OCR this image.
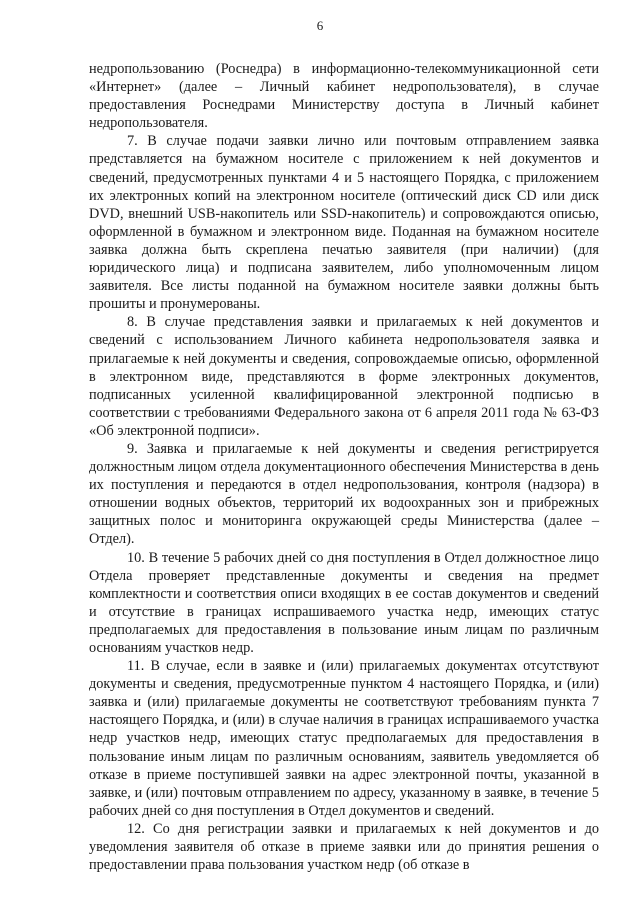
6

недропользованию (Роснедра) в информационно-телекоммуникационной сети «Интернет» (далее – Личный кабинет недропользователя), в случае предоставления Роснедрами Министерству доступа в Личный кабинет недропользователя.

7. В случае подачи заявки лично или почтовым отправлением заявка представляется на бумажном носителе с приложением к ней документов и сведений, предусмотренных пунктами 4 и 5 настоящего Порядка, с приложением их электронных копий на электронном носителе (оптический диск CD или диск DVD, внешний USB-накопитель или SSD-накопитель) и сопровождаются описью, оформленной в бумажном и электронном виде. Поданная на бумажном носителе заявка должна быть скреплена печатью заявителя (при наличии) (для юридического лица) и подписана заявителем, либо уполномоченным лицом заявителя. Все листы поданной на бумажном носителе заявки должны быть прошиты и пронумерованы.

8. В случае представления заявки и прилагаемых к ней документов и сведений с использованием Личного кабинета недропользователя заявка и прилагаемые к ней документы и сведения, сопровождаемые описью, оформленной в электронном виде, представляются в форме электронных документов, подписанных усиленной квалифицированной электронной подписью в соответствии с требованиями Федерального закона от 6 апреля 2011 года № 63-ФЗ «Об электронной подписи».

9. Заявка и прилагаемые к ней документы и сведения регистрируется должностным лицом отдела документационного обеспечения Министерства в день их поступления и передаются в отдел недропользования, контроля (надзора) в отношении водных объектов, территорий их водоохранных зон и прибрежных защитных полос и мониторинга окружающей среды Министерства (далее – Отдел).

10. В течение 5 рабочих дней со дня поступления в Отдел должностное лицо Отдела проверяет представленные документы и сведения на предмет комплектности и соответствия описи входящих в ее состав документов и сведений и отсутствие в границах испрашиваемого участка недр, имеющих статус предполагаемых для предоставления в пользование иным лицам по различным основаниям участков недр.

11. В случае, если в заявке и (или) прилагаемых документах отсутствуют документы и сведения, предусмотренные пунктом 4 настоящего Порядка, и (или) заявка и (или) прилагаемые документы не соответствуют требованиям пункта 7 настоящего Порядка, и (или) в случае наличия в границах испрашиваемого участка недр участков недр, имеющих статус предполагаемых для предоставления в пользование иным лицам по различным основаниям, заявитель уведомляется об отказе в приеме поступившей заявки на адрес электронной почты, указанной в заявке, и (или) почтовым отправлением по адресу, указанному в заявке, в течение 5 рабочих дней со дня поступления в Отдел документов и сведений.

12. Со дня регистрации заявки и прилагаемых к ней документов и до уведомления заявителя об отказе в приеме заявки или до принятия решения о предоставлении права пользования участком недр (об отказе в
